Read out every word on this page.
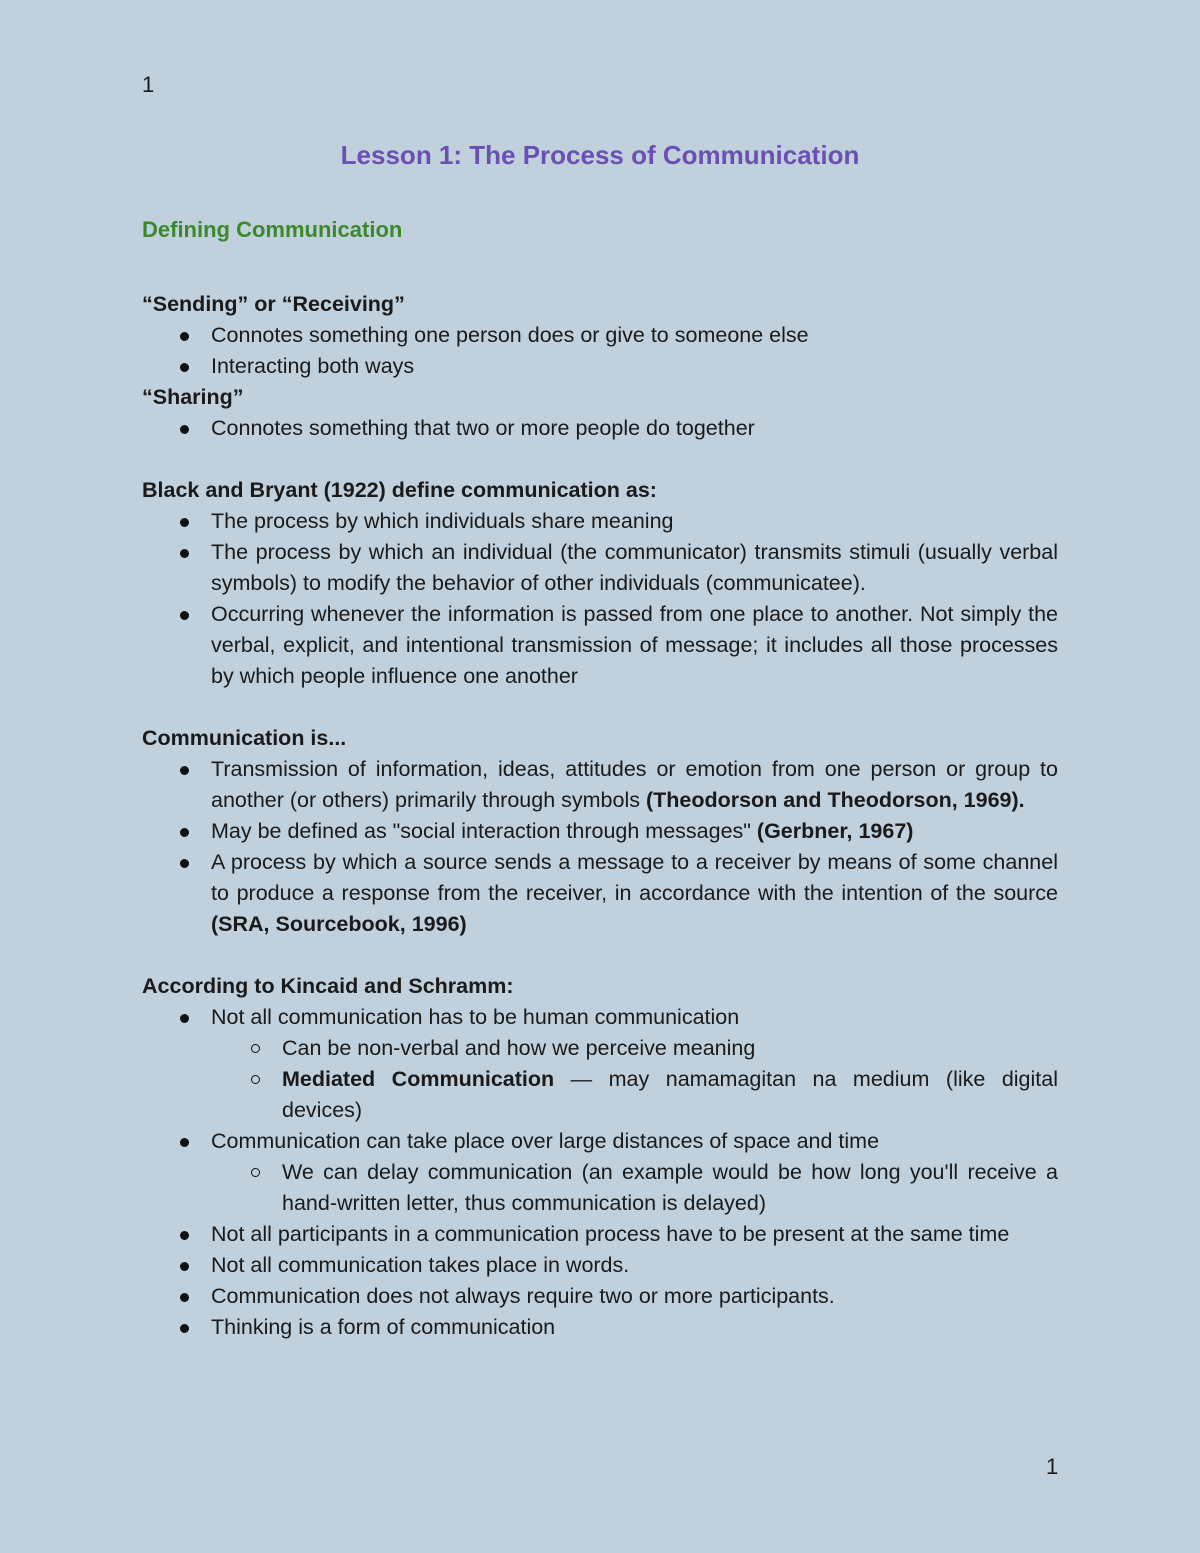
1
Lesson 1: The Process of Communication
Defining Communication

“Sending” or “Receiving”

Connotes something one person does or give to someone else
Interacting both ways

“Sharing”

Connotes something that two or more people do together

Black and Bryant (1922) define communication as:

The process by which individuals share meaning
The process by which an individual (the communicator) transmits stimuli (usually verbal symbols) to modify the behavior of other individuals (communicatee).
Occurring whenever the information is passed from one place to another. Not simply the verbal, explicit, and intentional transmission of message; it includes all those processes by which people influence one another

Communication is...

Transmission of information, ideas, attitudes or emotion from one person or group to another (or others) primarily through symbols (Theodorson and Theodorson, 1969).
May be defined as "social interaction through messages" (Gerbner, 1967)
A process by which a source sends a message to a receiver by means of some channel to produce a response from the receiver, in accordance with the intention of the source (SRA, Sourcebook, 1996)

According to Kincaid and Schramm:

Not all communication has to be human communication
Can be non-verbal and how we perceive meaning
Mediated Communication — may namamagitan na medium (like digital devices)
Communication can take place over large distances of space and time
We can delay communication (an example would be how long you'll receive a hand-written letter, thus communication is delayed)
Not all participants in a communication process have to be present at the same time
Not all communication takes place in words.
Communication does not always require two or more participants.
Thinking is a form of communication
1
